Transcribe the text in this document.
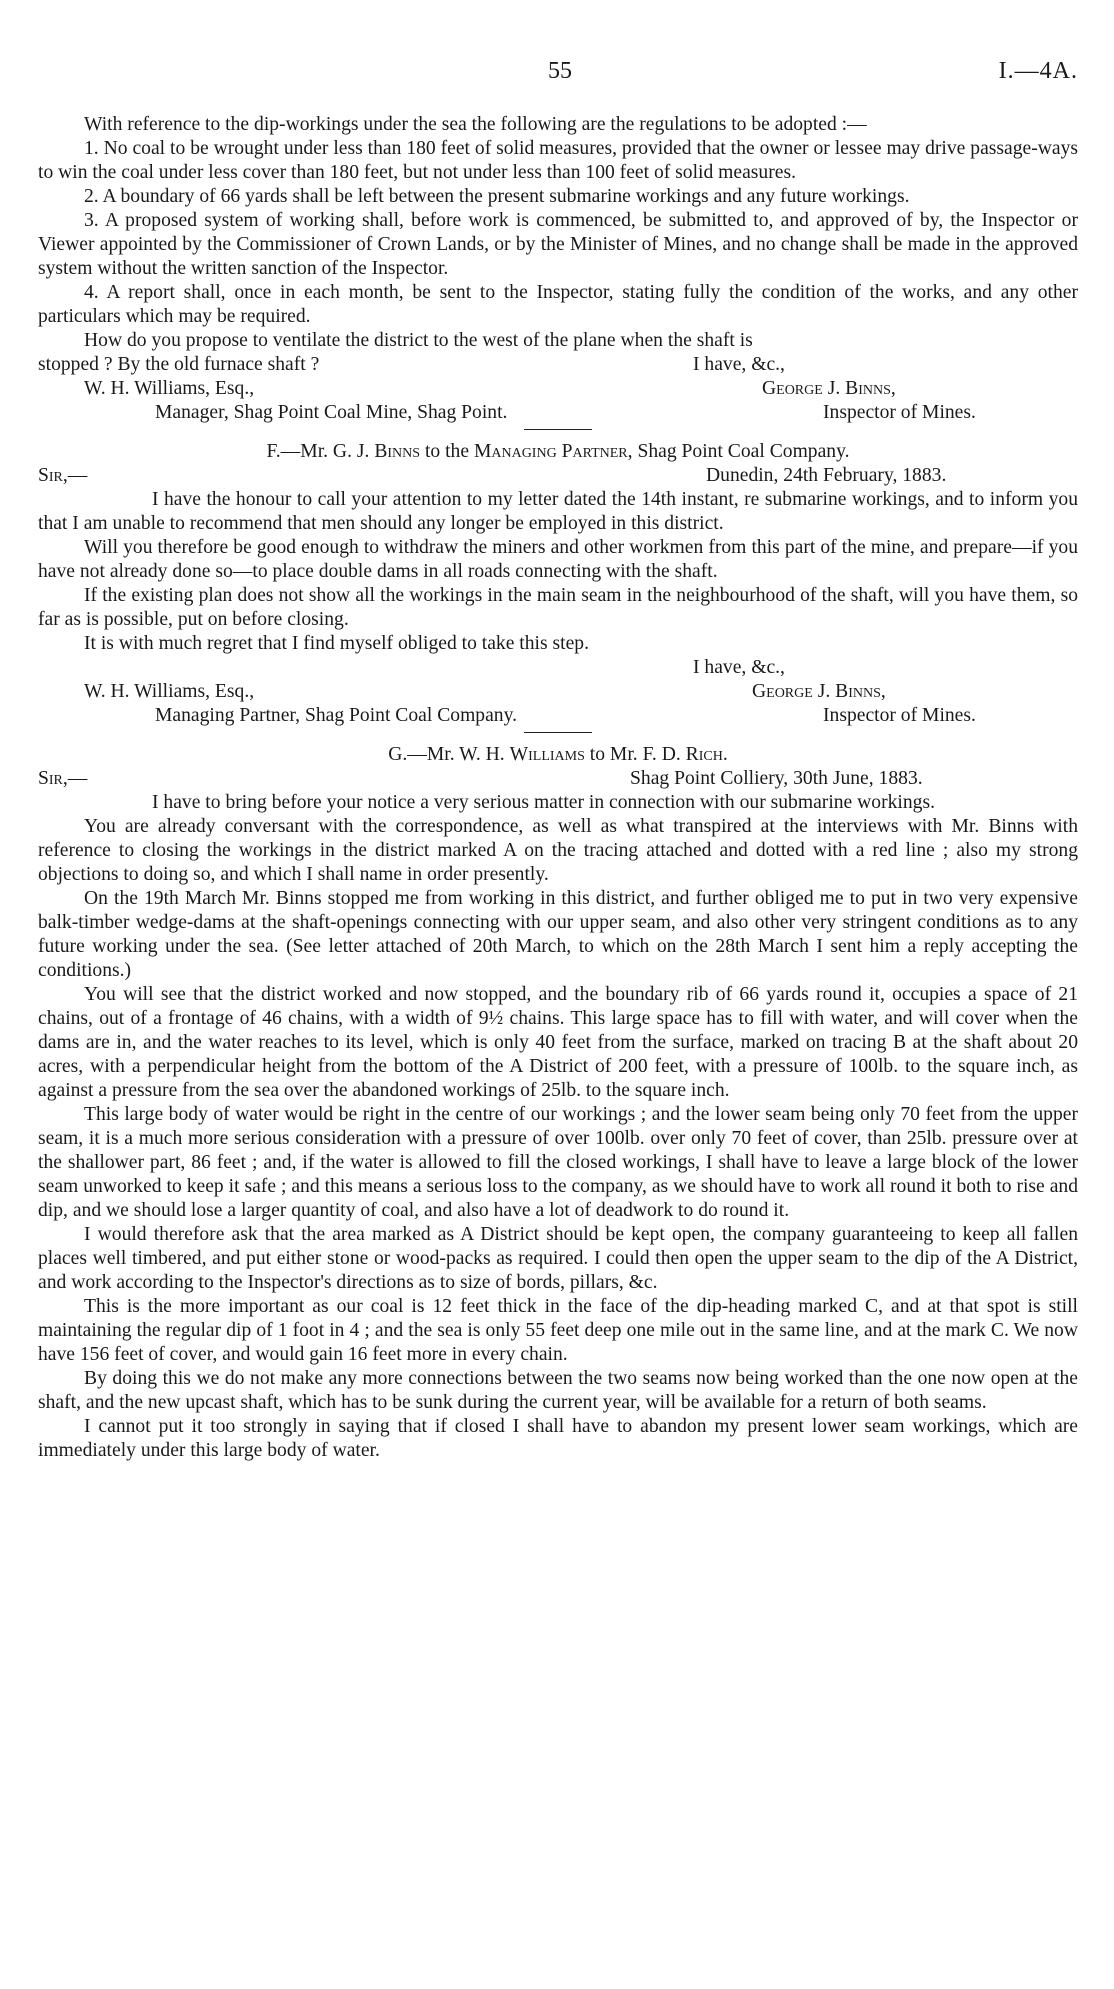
55	I.—4A.

With reference to the dip-workings under the sea the following are the regulations to be adopted :—

1. No coal to be wrought under less than 180 feet of solid measures, provided that the owner or lessee may drive passage-ways to win the coal under less cover than 180 feet, but not under less than 100 feet of solid measures.

2. A boundary of 66 yards shall be left between the present submarine workings and any future workings.

3. A proposed system of working shall, before work is commenced, be submitted to, and approved of by, the Inspector or Viewer appointed by the Commissioner of Crown Lands, or by the Minister of Mines, and no change shall be made in the approved system without the written sanction of the Inspector.

4. A report shall, once in each month, be sent to the Inspector, stating fully the condition of the works, and any other particulars which may be required.

How do you propose to ventilate the district to the west of the plane when the shaft is

stopped ? By the old furnace shaft ?	I have, &c.,
W. H. Williams, Esq.,	George J. Binns,
Manager, Shag Point Coal Mine, Shag Point.	Inspector of Mines.

F.—Mr. G. J. Binns to the Managing Partner, Shag Point Coal Company.

Sir,—	Dunedin, 24th February, 1883.

I have the honour to call your attention to my letter dated the 14th instant, re submarine workings, and to inform you that I am unable to recommend that men should any longer be employed in this district.

Will you therefore be good enough to withdraw the miners and other workmen from this part of the mine, and prepare—if you have not already done so—to place double dams in all roads connecting with the shaft.

If the existing plan does not show all the workings in the main seam in the neighbourhood of the shaft, will you have them, so far as is possible, put on before closing.

It is with much regret that I find myself obliged to take this step.

I have, &c.,
W. H. Williams, Esq.,	George J. Binns,
Managing Partner, Shag Point Coal Company.	Inspector of Mines.

G.—Mr. W. H. Williams to Mr. F. D. Rich.

Sir,—	Shag Point Colliery, 30th June, 1883.

I have to bring before your notice a very serious matter in connection with our submarine workings.

You are already conversant with the correspondence, as well as what transpired at the interviews with Mr. Binns with reference to closing the workings in the district marked A on the tracing attached and dotted with a red line ; also my strong objections to doing so, and which I shall name in order presently.

On the 19th March Mr. Binns stopped me from working in this district, and further obliged me to put in two very expensive balk-timber wedge-dams at the shaft-openings connecting with our upper seam, and also other very stringent conditions as to any future working under the sea. (See letter attached of 20th March, to which on the 28th March I sent him a reply accepting the conditions.)

You will see that the district worked and now stopped, and the boundary rib of 66 yards round it, occupies a space of 21 chains, out of a frontage of 46 chains, with a width of 9½ chains. This large space has to fill with water, and will cover when the dams are in, and the water reaches to its level, which is only 40 feet from the surface, marked on tracing B at the shaft about 20 acres, with a perpendicular height from the bottom of the A District of 200 feet, with a pressure of 100lb. to the square inch, as against a pressure from the sea over the abandoned workings of 25lb. to the square inch.

This large body of water would be right in the centre of our workings ; and the lower seam being only 70 feet from the upper seam, it is a much more serious consideration with a pressure of over 100lb. over only 70 feet of cover, than 25lb. pressure over at the shallower part, 86 feet ; and, if the water is allowed to fill the closed workings, I shall have to leave a large block of the lower seam unworked to keep it safe ; and this means a serious loss to the company, as we should have to work all round it both to rise and dip, and we should lose a larger quantity of coal, and also have a lot of deadwork to do round it.

I would therefore ask that the area marked as A District should be kept open, the company guaranteeing to keep all fallen places well timbered, and put either stone or wood-packs as required. I could then open the upper seam to the dip of the A District, and work according to the Inspector's directions as to size of bords, pillars, &c.

This is the more important as our coal is 12 feet thick in the face of the dip-heading marked C, and at that spot is still maintaining the regular dip of 1 foot in 4 ; and the sea is only 55 feet deep one mile out in the same line, and at the mark C. We now have 156 feet of cover, and would gain 16 feet more in every chain.

By doing this we do not make any more connections between the two seams now being worked than the one now open at the shaft, and the new upcast shaft, which has to be sunk during the current year, will be available for a return of both seams.

I cannot put it too strongly in saying that if closed I shall have to abandon my present lower seam workings, which are immediately under this large body of water.
